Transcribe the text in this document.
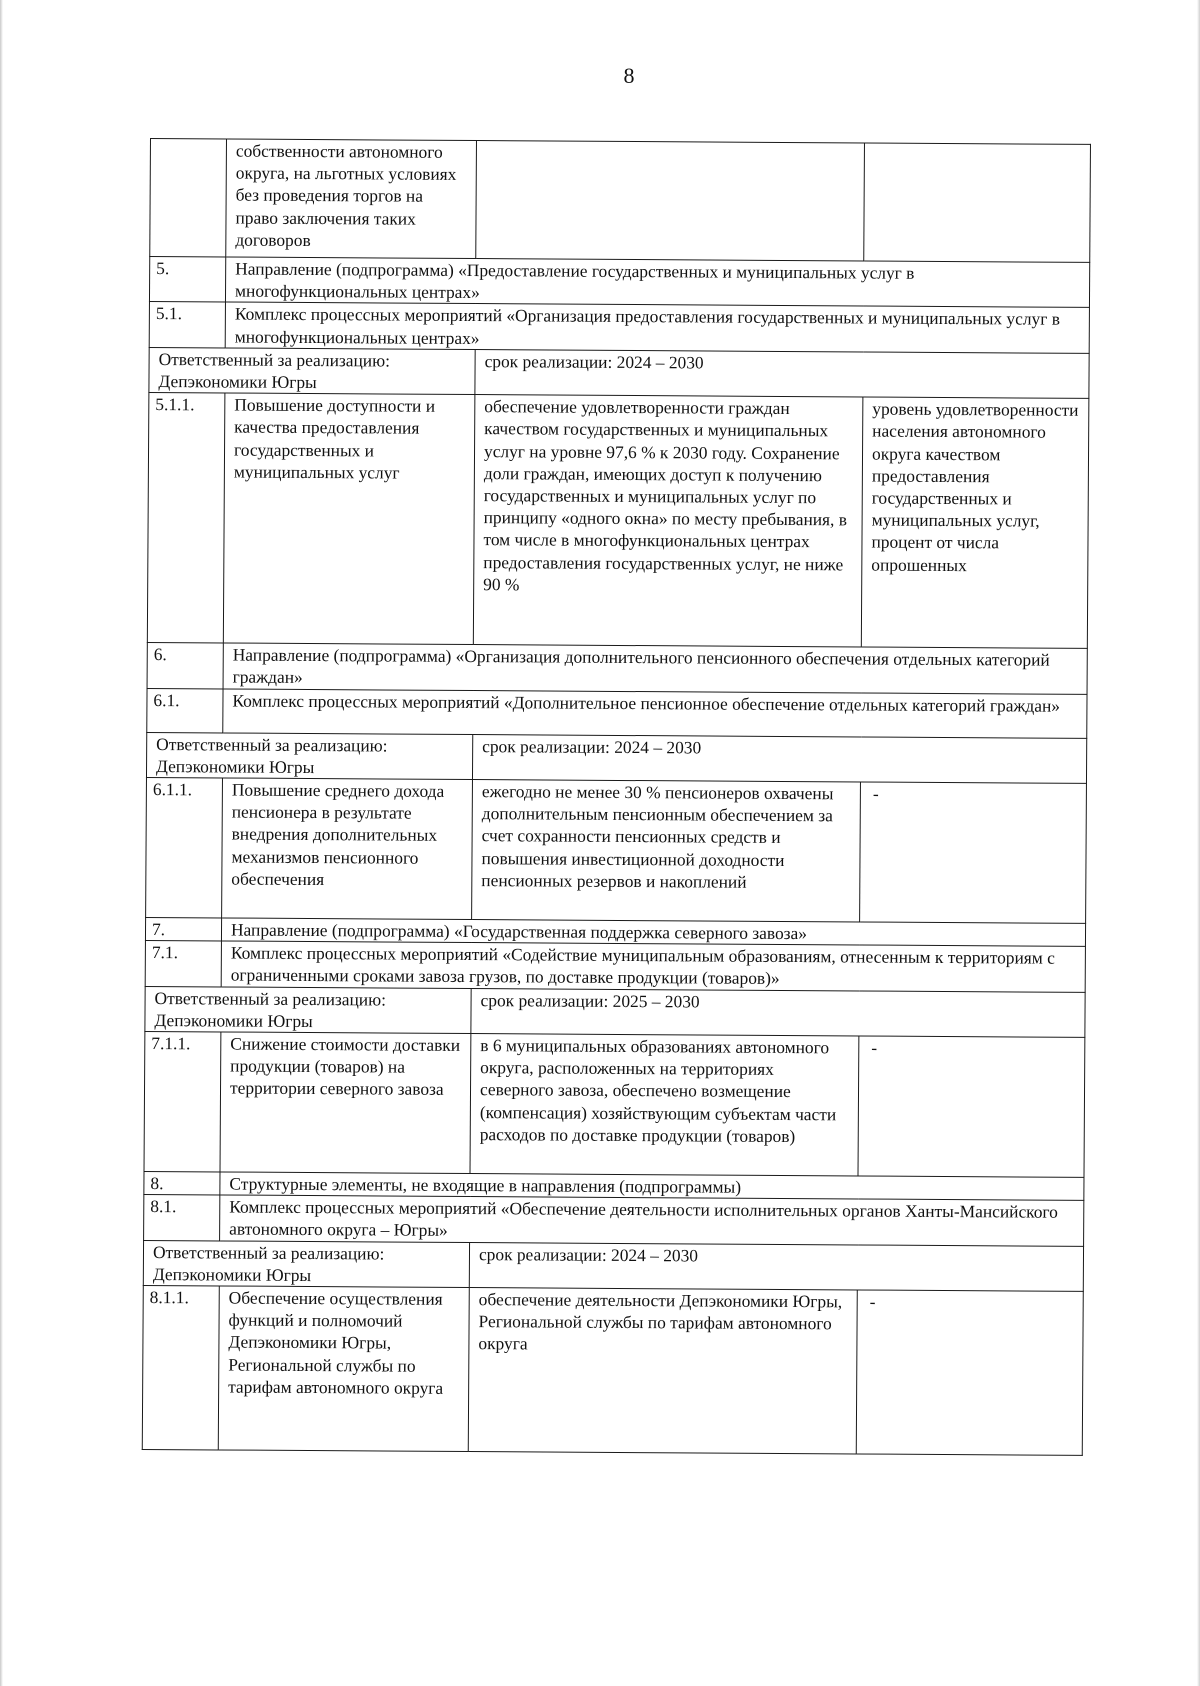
8
	собственности автономного округа, на льготных условиях без проведения торгов на право заключения таких договоров		
5.	Направление (подпрограмма) «Предоставление государственных и муниципальных услуг в многофункциональных центрах»		
5.1.	Комплекс процессных мероприятий «Организация предоставления государственных и муниципальных услуг в многофункциональных центрах»		
Ответственный за реализацию: Депэкономики Югры		срок реализации: 2024 – 2030	
5.1.1.	Повышение доступности и качества предоставления государственных и муниципальных услуг	обеспечение удовлетворенности граждан качеством государственных и муниципальных услуг на уровне 97,6 % к 2030 году. Сохранение доли граждан, имеющих доступ к получению государственных и муниципальных услуг по принципу «одного окна» по месту пребывания, в том числе в многофункциональных центрах предоставления государственных услуг, не ниже 90 %	уровень удовлетворенности населения автономного округа качеством предоставления государственных и муниципальных услуг, процент от числа опрошенных
6.	Направление (подпрограмма) «Организация дополнительного пенсионного обеспечения отдельных категорий граждан»		
6.1.	Комплекс процессных мероприятий «Дополнительное пенсионное обеспечение отдельных категорий граждан»		
Ответственный за реализацию: Депэкономики Югры		срок реализации: 2024 – 2030	
6.1.1.	Повышение среднего дохода пенсионера в результате внедрения дополнительных механизмов пенсионного обеспечения	ежегодно не менее 30 % пенсионеров охвачены дополнительным пенсионным обеспечением за счет сохранности пенсионных средств и повышения инвестиционной доходности пенсионных резервов и накоплений	-
7.	Направление (подпрограмма) «Государственная поддержка северного завоза»		
7.1.	Комплекс процессных мероприятий «Содействие муниципальным образованиям, отнесенным к территориям с ограниченными сроками завоза грузов, по доставке продукции (товаров)»		
Ответственный за реализацию: Депэкономики Югры		срок реализации: 2025 – 2030	
7.1.1.	Снижение стоимости доставки продукции (товаров) на территории северного завоза	в 6 муниципальных образованиях автономного округа, расположенных на территориях северного завоза, обеспечено возмещение (компенсация) хозяйствующим субъектам части расходов по доставке продукции (товаров)	-
8.	Структурные элементы, не входящие в направления (подпрограммы)		
8.1.	Комплекс процессных мероприятий «Обеспечение деятельности исполнительных органов Ханты-Мансийского автономного округа – Югры»		
Ответственный за реализацию: Депэкономики Югры		срок реализации: 2024 – 2030	
8.1.1.	Обеспечение осуществления функций и полномочий Депэкономики Югры, Региональной службы по тарифам автономного округа	обеспечение деятельности Депэкономики Югры, Региональной службы по тарифам автономного округа	-
